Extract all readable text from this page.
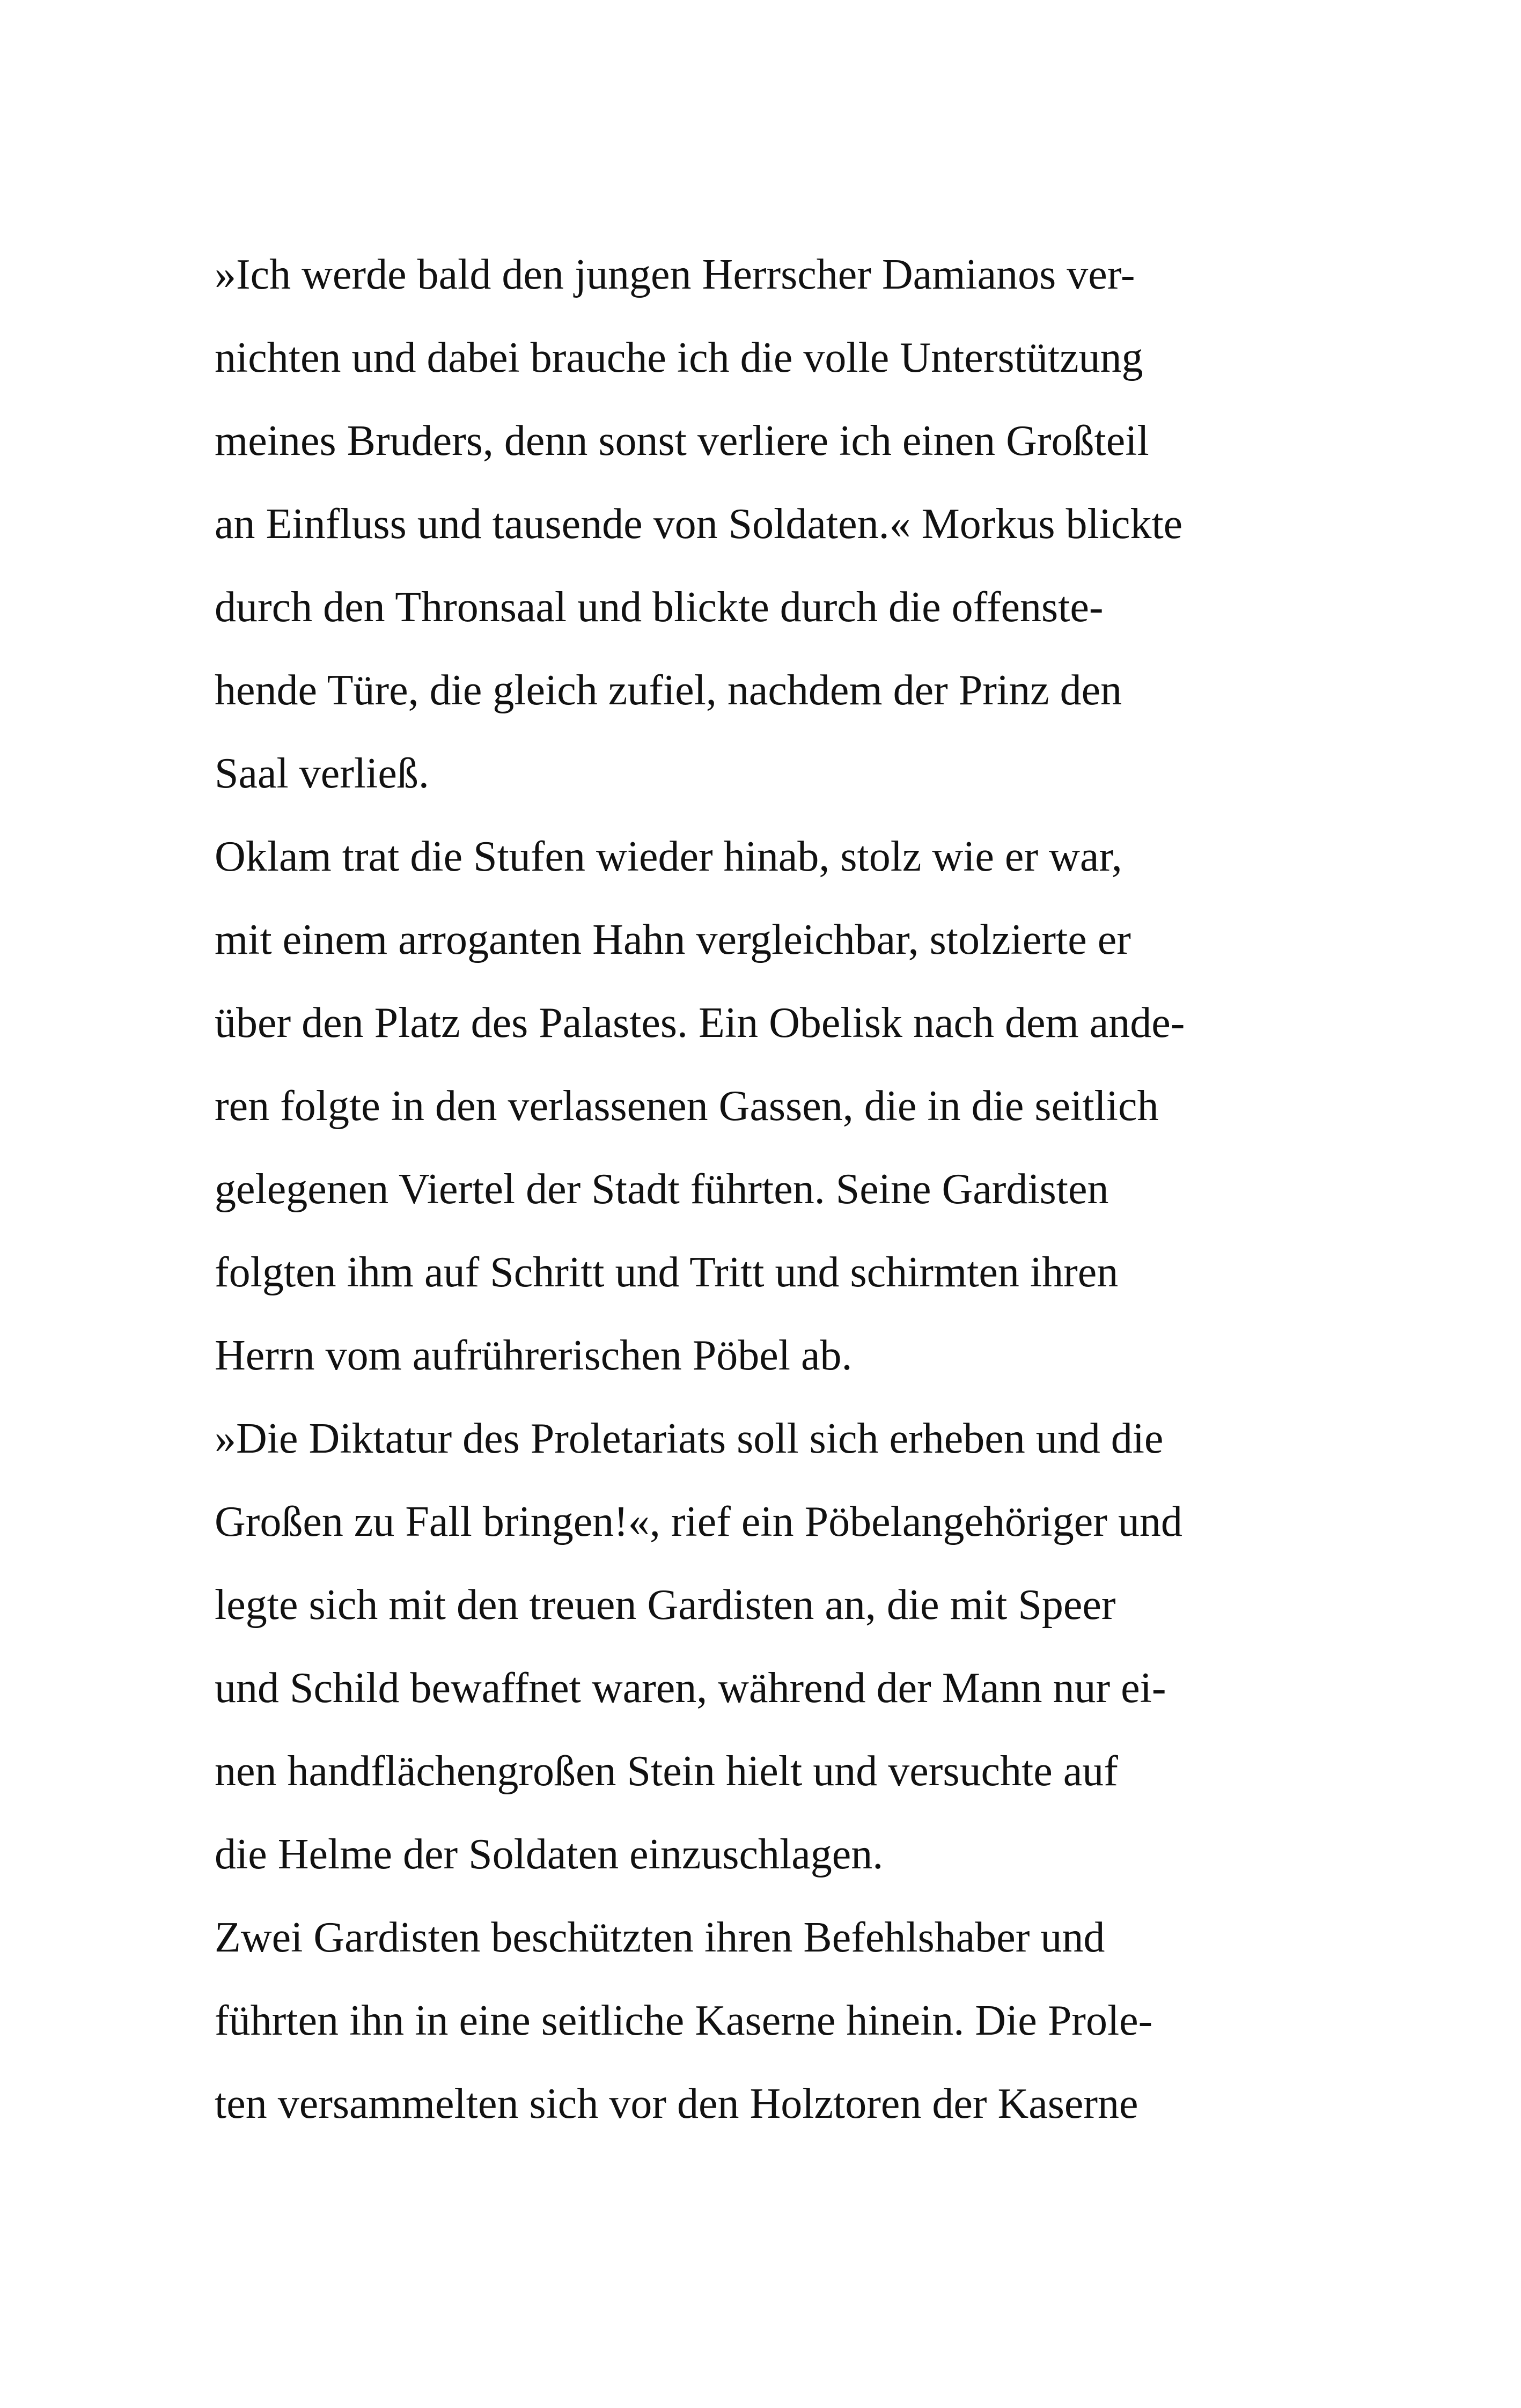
»Ich werde bald den jungen Herrscher Damianos ver-
nichten und dabei brauche ich die volle Unterstützung
meines Bruders, denn sonst verliere ich einen Großteil
an Einfluss und tausende von Soldaten.« Morkus blickte
durch den Thronsaal und blickte durch die offenste-
hende Türe, die gleich zufiel, nachdem der Prinz den
Saal verließ.
Oklam trat die Stufen wieder hinab, stolz wie er war,
mit einem arroganten Hahn vergleichbar, stolzierte er
über den Platz des Palastes. Ein Obelisk nach dem ande-
ren folgte in den verlassenen Gassen, die in die seitlich
gelegenen Viertel der Stadt führten. Seine Gardisten
folgten ihm auf Schritt und Tritt und schirmten ihren
Herrn vom aufrührerischen Pöbel ab.
»Die Diktatur des Proletariats soll sich erheben und die
Großen zu Fall bringen!«, rief ein Pöbelangehöriger und
legte sich mit den treuen Gardisten an, die mit Speer
und Schild bewaffnet waren, während der Mann nur ei-
nen handflächengroßen Stein hielt und versuchte auf
die Helme der Soldaten einzuschlagen.
Zwei Gardisten beschützten ihren Befehlshaber und
führten ihn in eine seitliche Kaserne hinein. Die Prole-
ten versammelten sich vor den Holztoren der Kaserne
